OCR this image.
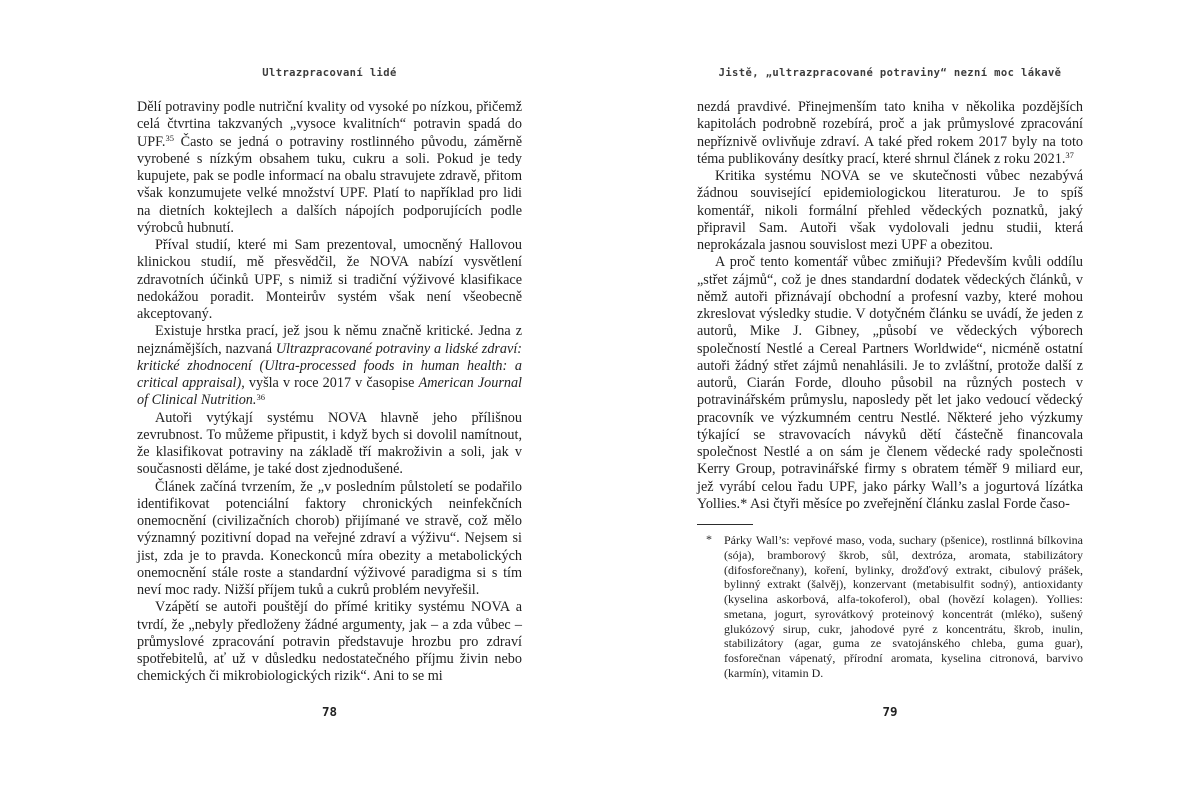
Ultrazpracovaní lidé

Dělí potraviny podle nutriční kvality od vysoké po nízkou, přičemž celá čtvrtina takzvaných „vysoce kvalitních“ potravin spadá do UPF.$^{35}$ Často se jedná o potraviny rostlinného původu, záměrně vyrobené s nízkým obsahem tuku, cukru a soli. Pokud je tedy kupujete, pak se podle informací na obalu stravujete zdravě, přitom však konzumujete velké množství UPF. Platí to například pro lidi na dietních koktejlech a dalších nápojích podporujících podle výrobců hubnutí.

Příval studií, které mi Sam prezentoval, umocněný Hallovou klinickou studií, mě přesvědčil, že NOVA nabízí vysvětlení zdravotních účinků UPF, s nimiž si tradiční výživové klasifikace nedokážou poradit. Monteirův systém však není všeobecně akceptovaný.

Existuje hrstka prací, jež jsou k němu značně kritické. Jedna z nejznámějších, nazvaná Ultrazpracované potraviny a lidské zdraví: kritické zhodnocení (Ultra-processed foods in human health: a critical appraisal), vyšla v roce 2017 v časopise American Journal of Clinical Nutrition.$^{36}$

Autoři vytýkají systému NOVA hlavně jeho přílišnou zevrubnost. To můžeme připustit, i když bych si dovolil namítnout, že klasifikovat potraviny na základě tří makroživin a soli, jak v současnosti děláme, je také dost zjednodušené.

Článek začíná tvrzením, že „v posledním půlstoletí se podařilo identifikovat potenciální faktory chronických neinfekčních onemocnění (civilizačních chorob) přijímané ve stravě, což mělo významný pozitivní dopad na veřejné zdraví a výživu“. Nejsem si jist, zda je to pravda. Koneckonců míra obezity a metabolických onemocnění stále roste a standardní výživové paradigma si s tím neví moc rady. Nižší příjem tuků a cukrů problém nevyřešil.

Vzápětí se autoři pouštějí do přímé kritiky systému NOVA a tvrdí, že „nebyly předloženy žádné argumenty, jak – a zda vůbec – průmyslové zpracování potravin představuje hrozbu pro zdraví spotřebitelů, ať už v důsledku nedostatečného příjmu živin nebo chemických či mikrobiologických rizik“. Ani to se mi

78
Jistě, „ultrazpracované potraviny“ nezní moc lákavě

nezdá pravdivé. Přinejmenším tato kniha v několika pozdějších kapitolách podrobně rozebírá, proč a jak průmyslové zpracování nepříznivě ovlivňuje zdraví. A také před rokem 2017 byly na toto téma publikovány desítky prací, které shrnul článek z roku 2021.37

Kritika systému NOVA se ve skutečnosti vůbec nezabývá žádnou související epidemiologickou literaturou. Je to spíš komentář, nikoli formální přehled vědeckých poznatků, jaký připravil Sam. Autoři však vydolovali jednu studii, která neprokázala jasnou souvislost mezi UPF a obezitou.

A proč tento komentář vůbec zmiňuji? Především kvůli oddílu „střet zájmů“, což je dnes standardní dodatek vědeckých článků, v němž autoři přiznávají obchodní a profesní vazby, které mohou zkreslovat výsledky studie. V dotyčném článku se uvádí, že jeden z autorů, Mike J. Gibney, „působí ve vědeckých výborech společností Nestlé a Cereal Partners Worldwide“, nicméně ostatní autoři žádný střet zájmů nenahlásili. Je to zvláštní, protože další z autorů, Ciarán Forde, dlouho působil na různých postech v potravinářském průmyslu, naposledy pět let jako vedoucí vědecký pracovník ve výzkumném centru Nestlé. Některé jeho výzkumy týkající se stravovacích návyků dětí částečně financovala společnost Nestlé a on sám je členem vědecké rady společnosti Kerry Group, potravinářské firmy s obratem téměř 9 miliard eur, jež vyrábí celou řadu UPF, jako párky Wall’s a jogurtová lízátka Yollies.* Asi čtyři měsíce po zveřejnění článku zaslal Forde časo-

* Párky Wall’s: vepřové maso, voda, suchary (pšenice), rostlinná bílkovina (sója), bramborový škrob, sůl, dextróza, aromata, stabilizátory (difosforečnany), koření, bylinky, drožďový extrakt, cibulový prášek, bylinný extrakt (šalvěj), konzervant (metabisulfit sodný), antioxidanty (kyselina askorbová, alfa-tokoferol), obal (hovězí kolagen). Yollies: smetana, jogurt, syrovátkový proteinový koncentrát (mléko), sušený glukózový sirup, cukr, jahodové pyré z koncentrátu, škrob, inulin, stabilizátory (agar, guma ze svatojánského chleba, guma guar), fosforečnan vápenatý, přírodní aromata, kyselina citronová, barvivo (karmín), vitamin D.
79
